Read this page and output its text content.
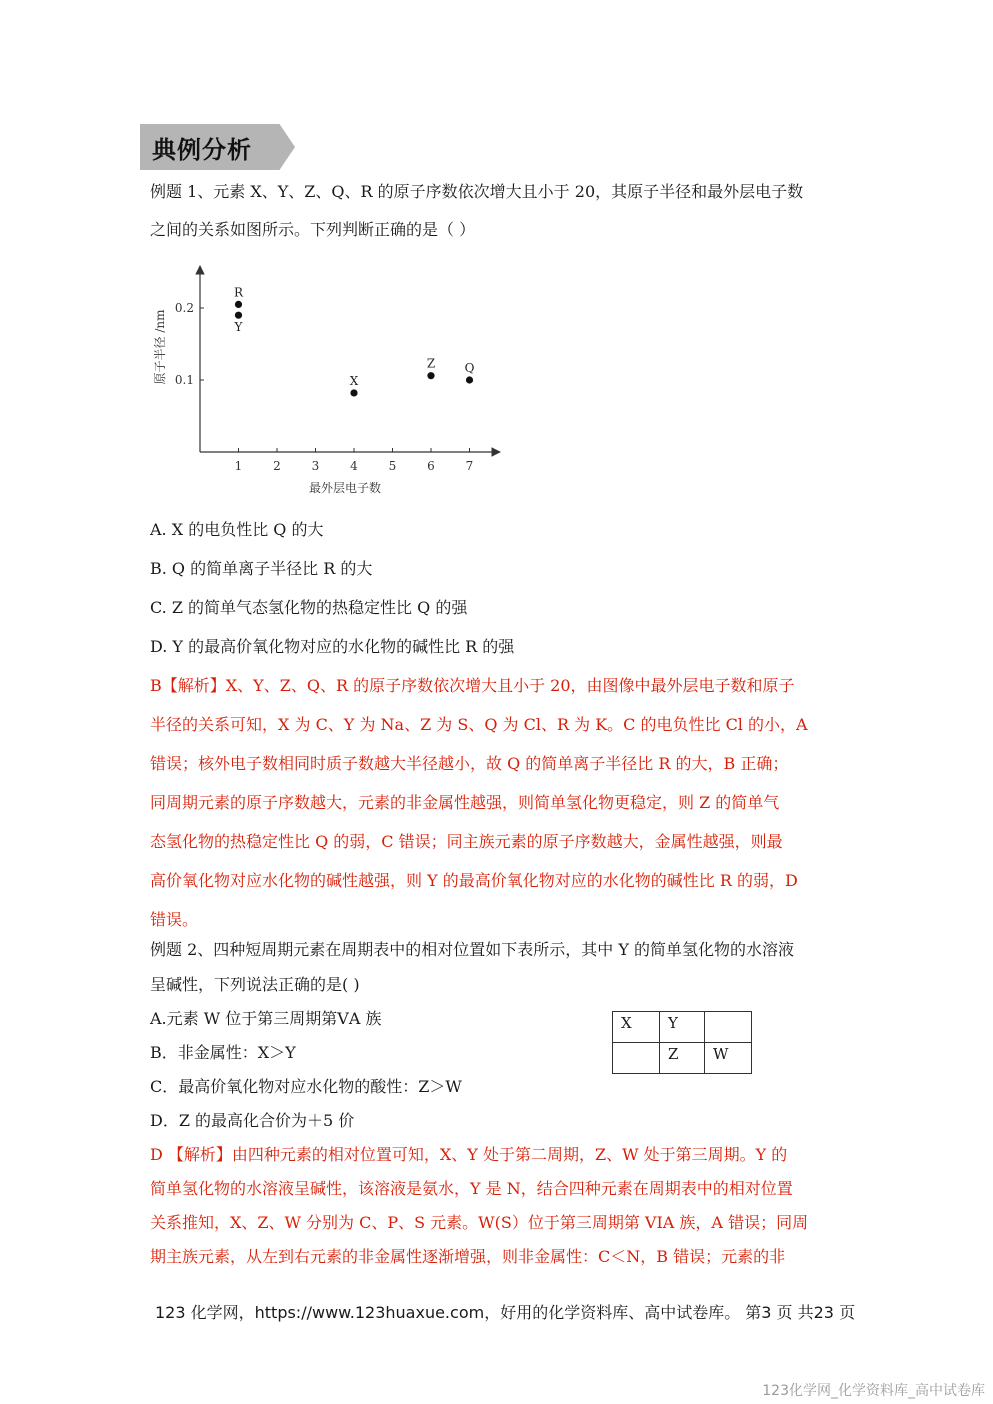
典例分析
例题 1、元素 X、Y、Z、Q、R 的原子序数依次增大且小于 20，其原子半径和最外层电子数
之间的关系如图所示。下列判断正确的是（ ）
1	2	3	4	5	6	7
0.1
0.2
R
Y
X
Z Q
最外层电子数
原子半径 /nm
A. X 的电负性比 Q 的大
B. Q 的简单离子半径比 R 的大
C. Z 的简单气态氢化物的热稳定性比 Q 的强
D. Y 的最高价氧化物对应的水化物的碱性比 R 的强
B【解析】X、Y、Z、Q、R 的原子序数依次增大且小于 20，由图像中最外层电子数和原子
半径的关系可知，X 为 C、Y 为 Na、Z 为 S、Q 为 Cl、R 为 K。C 的电负性比 Cl 的小，A
错误；核外电子数相同时质子数越大半径越小，故 Q 的简单离子半径比 R 的大，B 正确；
同周期元素的原子序数越大，元素的非金属性越强，则简单氢化物更稳定，则 Z 的简单气
态氢化物的热稳定性比 Q 的弱，C 错误；同主族元素的原子序数越大，金属性越强，则最
高价氧化物对应水化物的碱性越强，则 Y 的最高价氧化物对应的水化物的碱性比 R 的弱，D
错误。
例题 2、四种短周期元素在周期表中的相对位置如下表所示，其中 Y 的简单氢化物的水溶液
呈碱性，下列说法正确的是( )
A.元素 W 位于第三周期第ⅤA 族
B．非金属性：X＞Y
C．最高价氧化物对应水化物的酸性：Z＞W
D．Z 的最高化合价为＋5 价
X	Y	
	Z	W
D 【解析】由四种元素的相对位置可知，X、Y 处于第二周期，Z、W 处于第三周期。Y 的
简单氢化物的水溶液呈碱性，该溶液是氨水，Y 是 N，结合四种元素在周期表中的相对位置
关系推知，X、Z、W 分别为 C、P、S 元素。W(S）位于第三周期第 VIA 族，A 错误；同周
期主族元素，从左到右元素的非金属性逐渐增强，则非金属性：C＜N，B 错误；元素的非
123 化学网，https://www.123huaxue.com，好用的化学资料库、高中试卷库。 第3 页 共23 页
123化学网_化学资料库_高中试卷库
